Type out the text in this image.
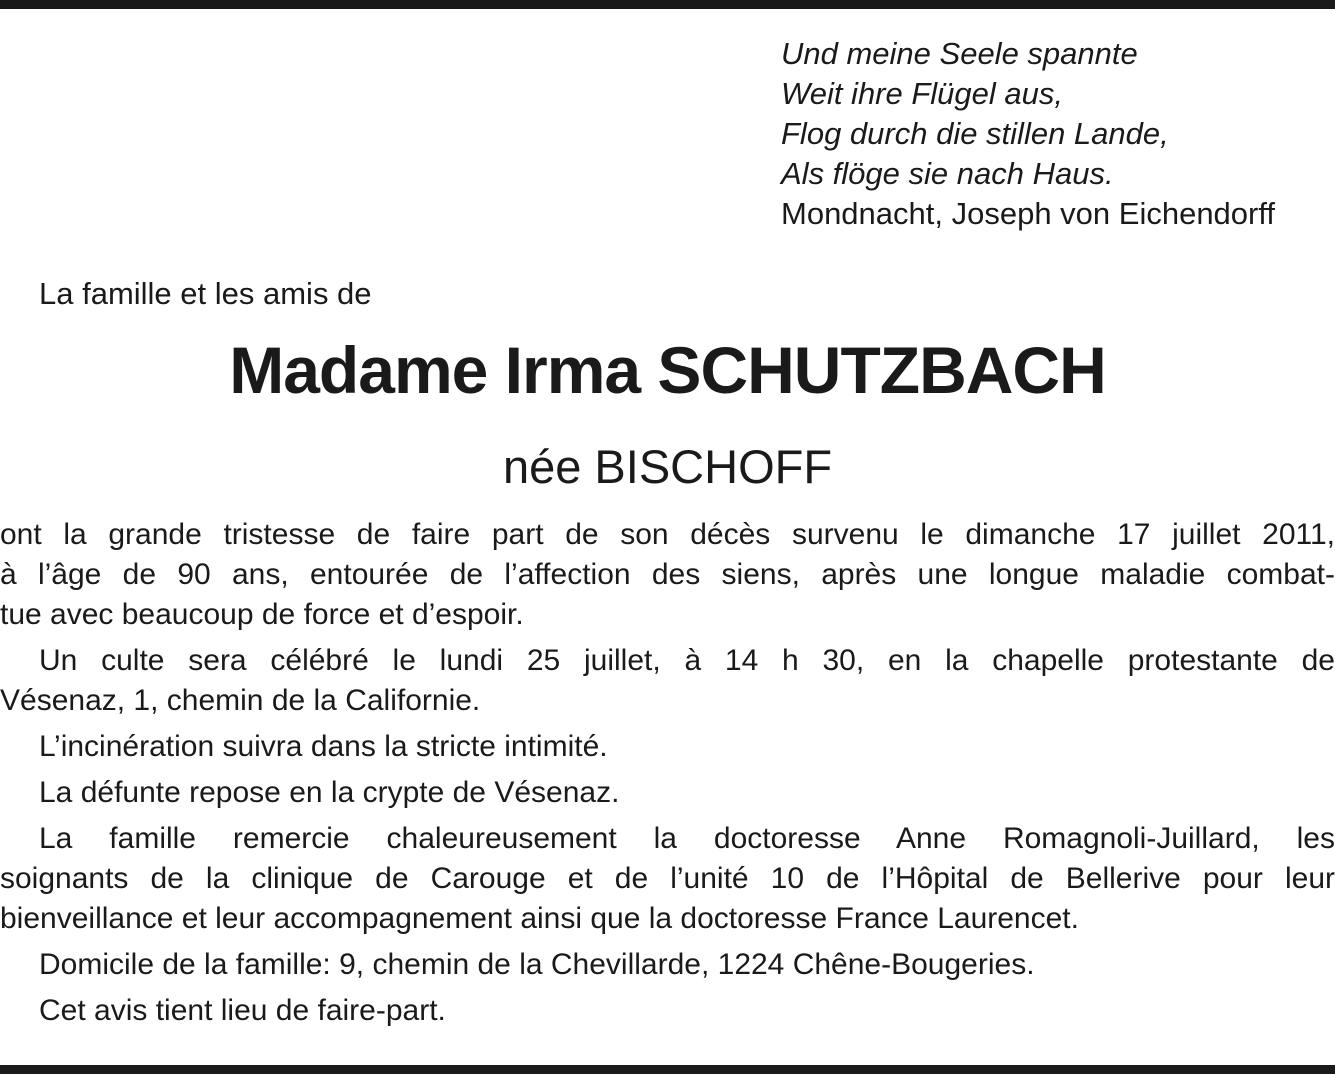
Und meine Seele spannte
Weit ihre Flügel aus,
Flog durch die stillen Lande,
Als flöge sie nach Haus.
Mondnacht, Joseph von Eichendorff
La famille et les amis de
Madame Irma SCHUTZBACH
née BISCHOFF
ont la grande tristesse de faire part de son décès survenu le dimanche 17 juillet 2011,
à l’âge de 90 ans, entourée de l’affection des siens, après une longue maladie combat-
tue avec beaucoup de force et d’espoir.
Un culte sera célébré le lundi 25 juillet, à 14 h 30, en la chapelle protestante de
Vésenaz, 1, chemin de la Californie.
L’incinération suivra dans la stricte intimité.
La défunte repose en la crypte de Vésenaz.
La famille remercie chaleureusement la doctoresse Anne Romagnoli-Juillard, les
soignants de la clinique de Carouge et de l’unité 10 de l’Hôpital de Bellerive pour leur
bienveillance et leur accompagnement ainsi que la doctoresse France Laurencet.
Domicile de la famille: 9, chemin de la Chevillarde, 1224 Chêne-Bougeries.
Cet avis tient lieu de faire-part.
